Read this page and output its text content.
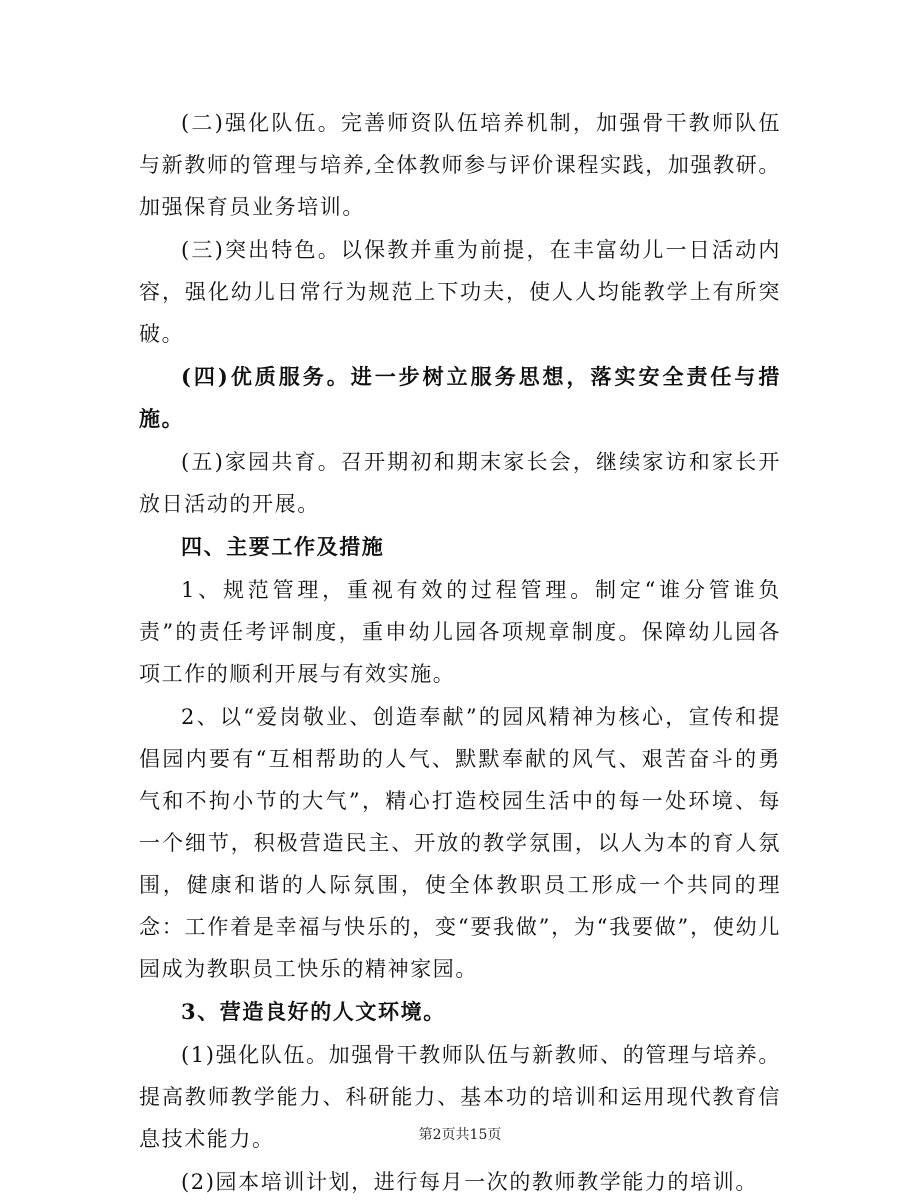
(二)强化队伍。完善师资队伍培养机制，加强骨干教师队伍与新教师的管理与培养,全体教师参与评价课程实践，加强教研。加强保育员业务培训。

(三)突出特色。以保教并重为前提，在丰富幼儿一日活动内容，强化幼儿日常行为规范上下功夫，使人人均能教学上有所突破。

(四)优质服务。进一步树立服务思想，落实安全责任与措施。

(五)家园共育。召开期初和期末家长会，继续家访和家长开放日活动的开展。

四、主要工作及措施

1、规范管理，重视有效的过程管理。制定“谁分管谁负责”的责任考评制度，重申幼儿园各项规章制度。保障幼儿园各项工作的顺利开展与有效实施。

2、以“爱岗敬业、创造奉献”的园风精神为核心，宣传和提倡园内要有“互相帮助的人气、默默奉献的风气、艰苦奋斗的勇气和不拘小节的大气”，精心打造校园生活中的每一处环境、每一个细节，积极营造民主、开放的教学氛围，以人为本的育人氛围，健康和谐的人际氛围，使全体教职员工形成一个共同的理念：工作着是幸福与快乐的，变“要我做”，为“我要做”，使幼儿园成为教职员工快乐的精神家园。

3、营造良好的人文环境。

(1)强化队伍。加强骨干教师队伍与新教师、的管理与培养。提高教师教学能力、科研能力、基本功的培训和运用现代教育信息技术能力。

(2)园本培训计划，进行每月一次的教师教学能力的培训。

第2页共15页
